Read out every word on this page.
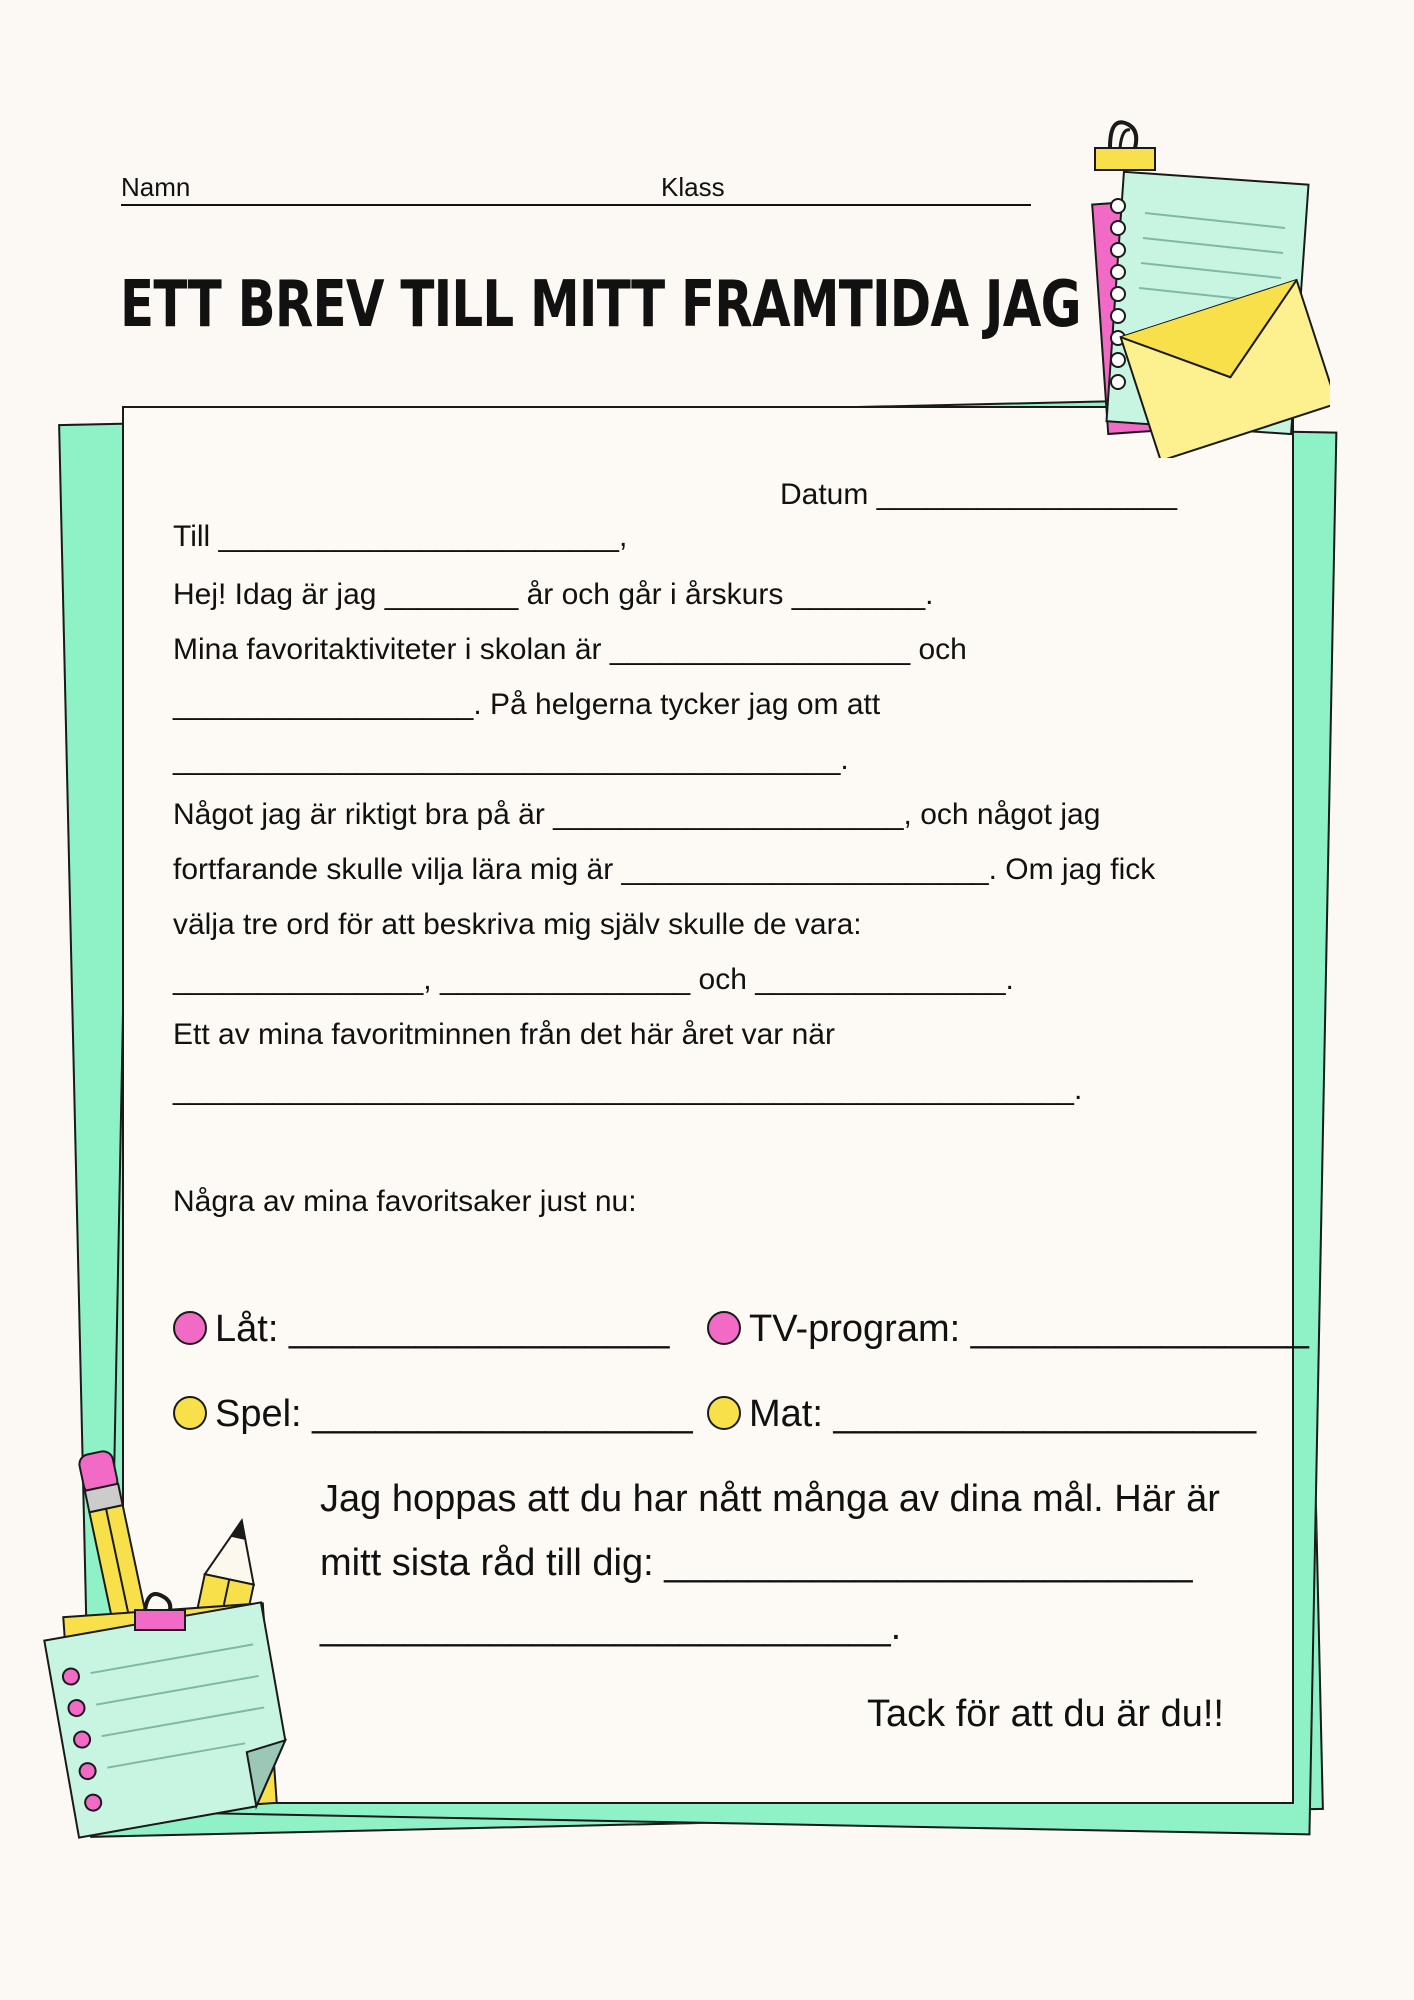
Namn	Klass
ETT BREV TILL MITT FRAMTIDA JAG
Datum __________________
Till ________________________,
Hej! Idag är jag ________ år och går i årskurs ________.
Mina favoritaktiviteter i skolan är __________________ och
__________________. På helgerna tycker jag om att
________________________________________.
Något jag är riktigt bra på är _____________________, och något jag
fortfarande skulle vilja lära mig är ______________________. Om jag fick
välja tre ord för att beskriva mig själv skulle de vara:
_______________, _______________ och _______________.
Ett av mina favoritminnen från det här året var när
______________________________________________________.
Några av mina favoritsaker just nu:
Låt: __________________	TV-program: ________________
Spel: __________________	Mat: ____________________
Jag hoppas att du har nått många av dina mål. Här är
mitt sista råd till dig: _________________________
___________________________.
Tack för att du är du!!
